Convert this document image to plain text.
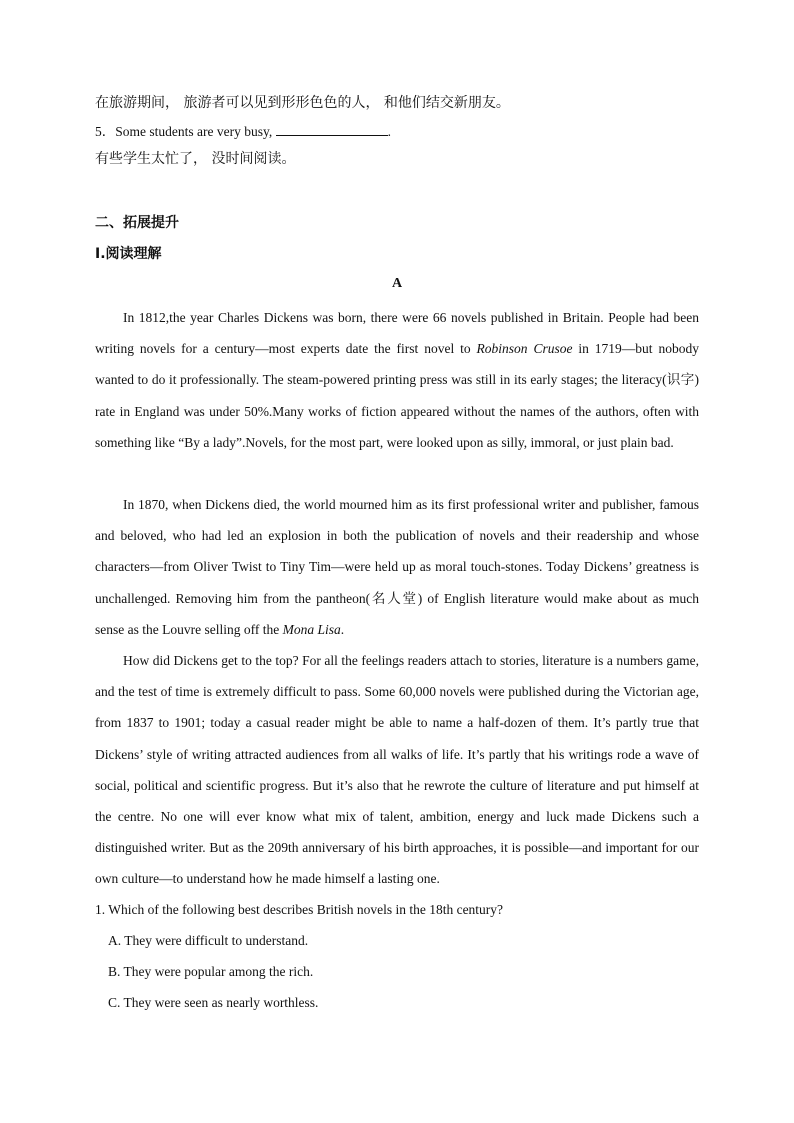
在旅游期间， 旅游者可以见到形形色色的人， 和他们结交新朋友。
5．Some students are very busy,	.
有些学生太忙了， 没时间阅读。
二、拓展提升
I.阅读理解
A

In 1812,the year Charles Dickens was born, there were 66 novels published in Britain. People had been writing novels for a century—most experts date the first novel to Robinson Crusoe in 1719—but nobody wanted to do it professionally. The steam-powered printing press was still in its early stages; the literacy(识字) rate in England was under 50%.Many works of fiction appeared without the names of the authors, often with something like “By a lady”.Novels, for the most part, were looked upon as silly, immoral, or just plain bad.

In 1870, when Dickens died, the world mourned him as its first professional writer and publisher, famous and beloved, who had led an explosion in both the publication of novels and their readership and whose characters—from Oliver Twist to Tiny Tim—were held up as moral touch-stones. Today Dickens’ greatness is unchallenged. Removing him from the pantheon(名人堂) of English literature would make about as much sense as the Louvre selling off the Mona Lisa.

How did Dickens get to the top? For all the feelings readers attach to stories, literature is a numbers game, and the test of time is extremely difficult to pass. Some 60,000 novels were published during the Victorian age, from 1837 to 1901; today a casual reader might be able to name a half-dozen of them. It’s partly true that Dickens’ style of writing attracted audiences from all walks of life. It’s partly that his writings rode a wave of social, political and scientific progress. But it’s also that he rewrote the culture of literature and put himself at the centre. No one will ever know what mix of talent, ambition, energy and luck made Dickens such a distinguished writer. But as the 209th anniversary of his birth approaches, it is possible—and important for our own culture—to understand how he made himself a lasting one.

1. Which of the following best describes British novels in the 18th century?
A. They were difficult to understand.
B. They were popular among the rich.
C. They were seen as nearly worthless.
